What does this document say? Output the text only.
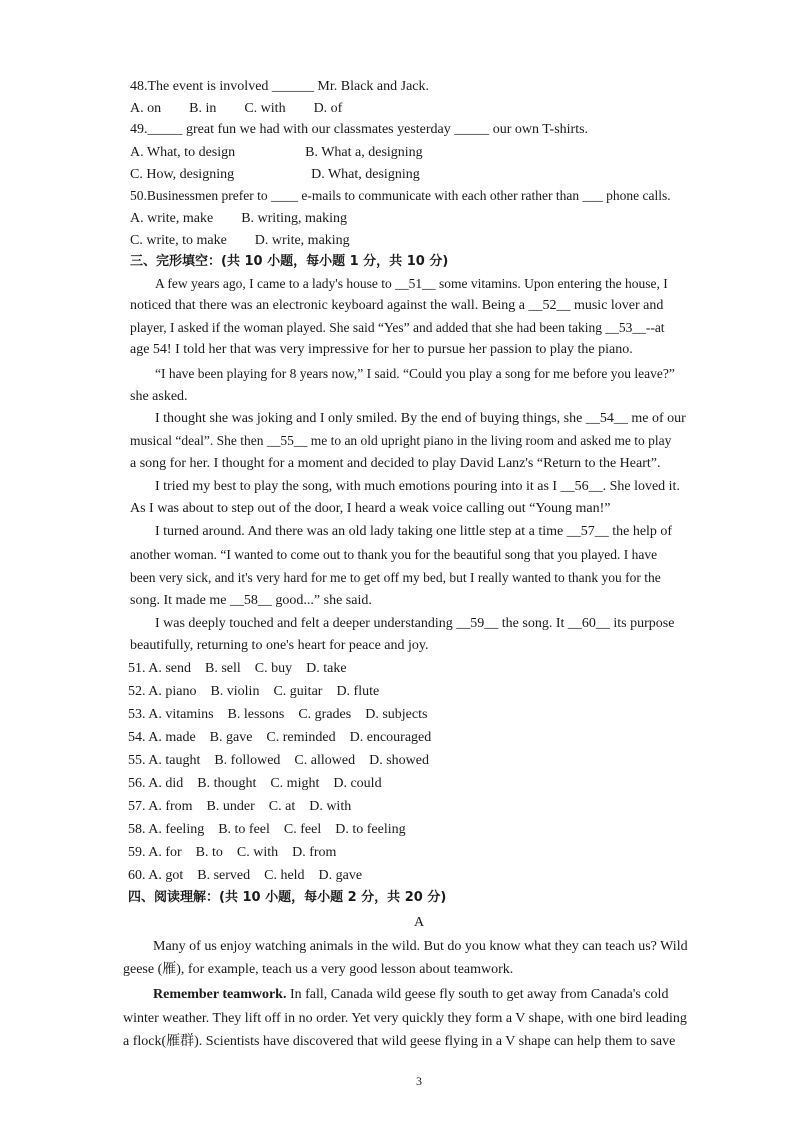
48.The event is involved ______ Mr. Black and Jack.
A. on        B. in        C. with        D. of
49._____ great fun we had with our classmates yesterday _____ our own T-shirts.
A. What, to design                    B. What a, designing
C. How, designing                      D. What, designing
50.Businessmen prefer to ____ e-mails to communicate with each other rather than ___ phone calls.
A. write, make        B. writing, making
C. write, to make        D. write, making
三、完形填空：(共 10 小题，每小题 1 分，共 10 分)
A few years ago, I came to a lady's house to __51__ some vitamins. Upon entering the house, I
noticed that there was an electronic keyboard against the wall. Being a __52__ music lover and
player, I asked if the woman played. She said “Yes” and added that she had been taking __53__--at
age 54! I told her that was very impressive for her to pursue her passion to play the piano.
“I have been playing for 8 years now,” I said. “Could you play a song for me before you leave?”
she asked.
I thought she was joking and I only smiled. By the end of buying things, she __54__ me of our
musical “deal”. She then __55__ me to an old upright piano in the living room and asked me to play
a song for her. I thought for a moment and decided to play David Lanz's “Return to the Heart”.
I tried my best to play the song, with much emotions pouring into it as I __56__. She loved it.
As I was about to step out of the door, I heard a weak voice calling out “Young man!”
I turned around. And there was an old lady taking one little step at a time __57__ the help of
another woman. “I wanted to come out to thank you for the beautiful song that you played. I have
been very sick, and it's very hard for me to get off my bed, but I really wanted to thank you for the
song. It made me __58__ good...” she said.
I was deeply touched and felt a deeper understanding __59__ the song. It __60__ its purpose
beautifully, returning to one's heart for peace and joy.
51. A. send    B. sell    C. buy    D. take
52. A. piano    B. violin    C. guitar    D. flute
53. A. vitamins    B. lessons    C. grades    D. subjects
54. A. made    B. gave    C. reminded    D. encouraged
55. A. taught    B. followed    C. allowed    D. showed
56. A. did    B. thought    C. might    D. could
57. A. from    B. under    C. at    D. with
58. A. feeling    B. to feel    C. feel    D. to feeling
59. A. for    B. to    C. with    D. from
60. A. got    B. served    C. held    D. gave
四、阅读理解：(共 10 小题，每小题 2 分，共 20 分)
A
Many of us enjoy watching animals in the wild. But do you know what they can teach us? Wild
geese (雁), for example, teach us a very good lesson about teamwork.
Remember teamwork. In fall, Canada wild geese fly south to get away from Canada's cold
winter weather. They lift off in no order. Yet very quickly they form a V shape, with one bird leading
a flock(雁群). Scientists have discovered that wild geese flying in a V shape can help them to save
3
